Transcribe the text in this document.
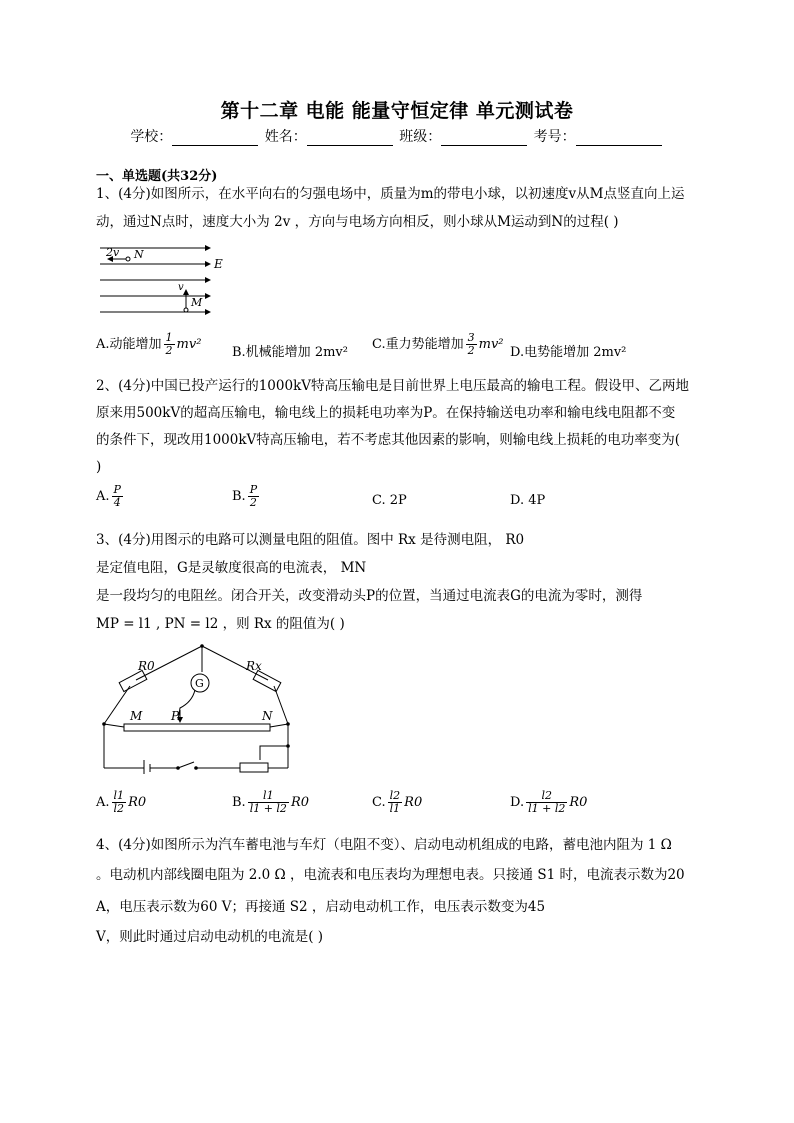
第十二章 电能 能量守恒定律 单元测试卷
学校：	姓名：	班级：	考号：
一、单选题(共32分)
1、(4分)如图所示，在水平向右的匀强电场中，质量为m的带电小球，以初速度v从M点竖直向上运
动，通过N点时，速度大小为 2v ，方向与电场方向相反，则小球从M运动到N的过程( )
2v N
E
v
M
A.动能增加 $\frac{1}{2} mv^2$
B.机械能增加 2mv²
C.重力势能增加 $\frac{3}{2} mv^2$
D.电势能增加 2mv²
2、(4分)中国已投产运行的1000kV特高压输电是目前世界上电压最高的输电工程。假设甲、乙两地
原来用500kV的超高压输电，输电线上的损耗电功率为P。在保持输送电功率和输电线电阻都不变
的条件下，现改用1000kV特高压输电，若不考虑其他因素的影响，则输电线上损耗的电功率变为(
)
A. $\frac{P}{4}$	B. $\frac{P}{2}$	C. 2P	D. 4P
3、(4分)用图示的电路可以测量电阻的阻值。图中 Rx 是待测电阻， R0
是定值电阻，G是灵敏度很高的电流表， MN
是一段均匀的电阻丝。闭合开关，改变滑动头P的位置，当通过电流表G的电流为零时，测得
MP = l1 , PN = l2 ，则 Rx 的阻值为( )
R0	Rx
G
M P	N
A. $\frac{l1}{l2} R0$	B. $\frac{l1}{l1 + l2} R0$	C. $\frac{l2}{l1} R0$	D. $\frac{l2}{l1 + l2} R0$
4、(4分)如图所示为汽车蓄电池与车灯（电阻不变）、启动电动机组成的电路，蓄电池内阻为 1 Ω
。电动机内部线圈电阻为 2.0 Ω ，电流表和电压表均为理想电表。只接通 S1 时，电流表示数为20
A，电压表示数为60 V；再接通 S2 ，启动电动机工作，电压表示数变为45
V，则此时通过启动电动机的电流是( )
